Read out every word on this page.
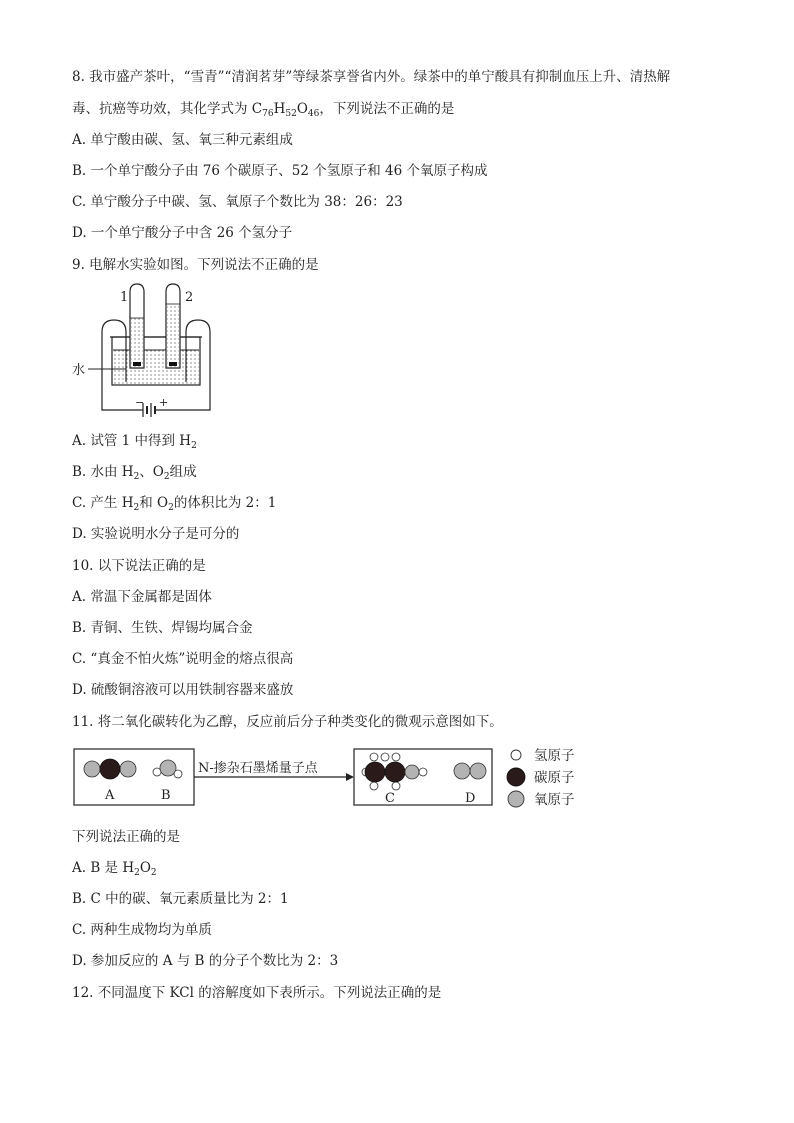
8. 我市盛产茶叶，“雪青”“清润茗芽”等绿茶享誉省内外。绿茶中的单宁酸具有抑制血压上升、清热解
毒、抗癌等功效，其化学式为 $C_{76}H_{52}O_{46}$，下列说法不正确的是
A. 单宁酸由碳、氢、氧三种元素组成
B. 一个单宁酸分子由 76 个碳原子、52 个氢原子和 46 个氧原子构成
C. 单宁酸分子中碳、氢、氧原子个数比为 38：26：23
D. 一个单宁酸分子中含 26 个氢分子
9. 电解水实验如图。下列说法不正确的是
− +
1	2
水
A. 试管 1 中得到 $H_2$
B. 水由 $H_2$、$O_2$组成
C. 产生 $H_2$和 $O_2$的体积比为 2：1
D. 实验说明水分子是可分的
10. 以下说法正确的是
A. 常温下金属都是固体
B. 青铜、生铁、焊锡均属合金
C. “真金不怕火炼”说明金的熔点很高
D. 硫酸铜溶液可以用铁制容器来盛放
11. 将二氧化碳转化为乙醇，反应前后分子种类变化的微观示意图如下。
A	B
N-掺杂石墨烯量子点
C	D
氢原子
碳原子
氧原子
下列说法正确的是
A. B 是 $H_2O_2$
B. C 中的碳、氧元素质量比为 2：1
C. 两种生成物均为单质
D. 参加反应的 A 与 B 的分子个数比为 2：3
12. 不同温度下 KCl 的溶解度如下表所示。下列说法正确的是
